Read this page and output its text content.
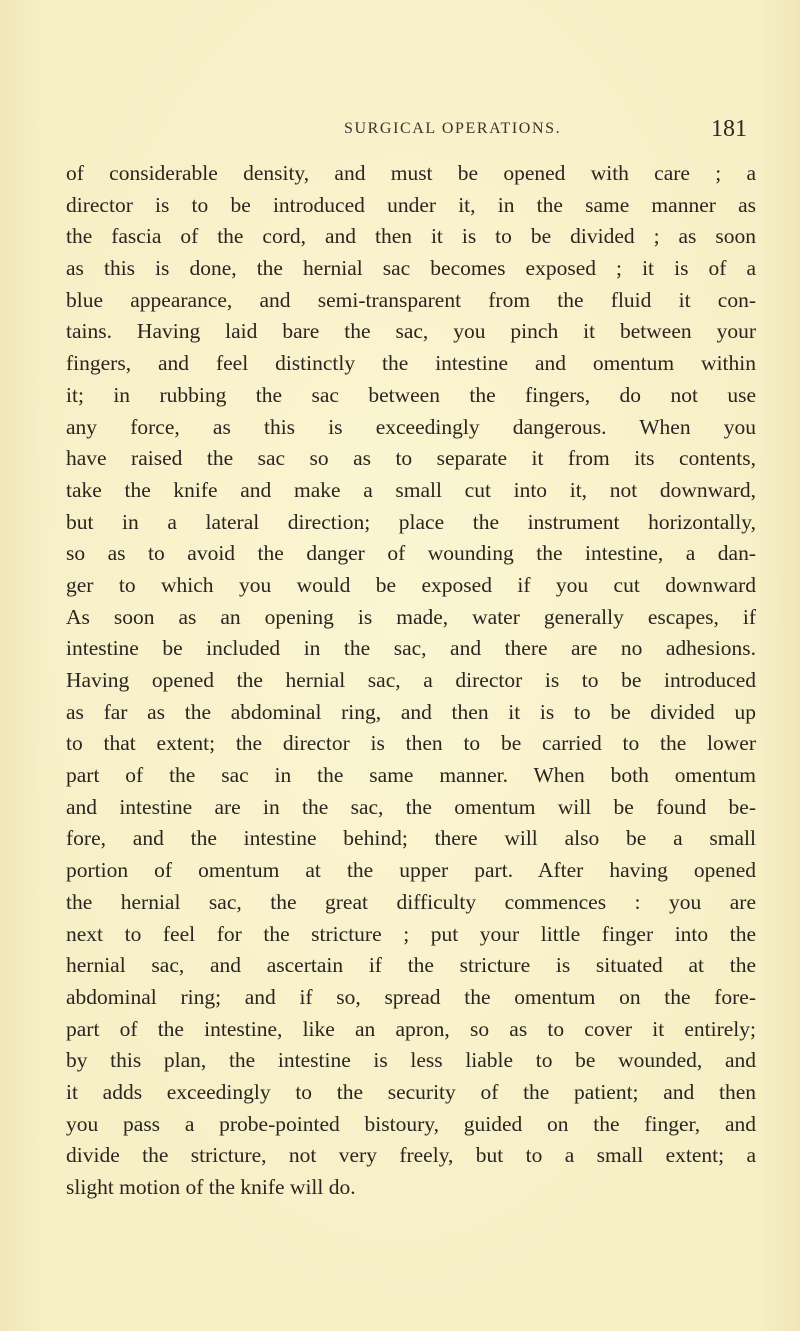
SURGICAL OPERATIONS.	181
of considerable density, and must be opened with care ; a
director is to be introduced under it, in the same manner as
the fascia of the cord, and then it is to be divided ; as soon
as this is done, the hernial sac becomes exposed ; it is of a
blue appearance, and semi-transparent from the fluid it con-
tains. Having laid bare the sac, you pinch it between your
fingers, and feel distinctly the intestine and omentum within
it; in rubbing the sac between the fingers, do not use
any force, as this is exceedingly dangerous. When you
have raised the sac so as to separate it from its contents,
take the knife and make a small cut into it, not downward,
but in a lateral direction; place the instrument horizontally,
so as to avoid the danger of wounding the intestine, a dan-
ger to which you would be exposed if you cut downward
As soon as an opening is made, water generally escapes, if
intestine be included in the sac, and there are no adhesions.
Having opened the hernial sac, a director is to be introduced
as far as the abdominal ring, and then it is to be divided up
to that extent; the director is then to be carried to the lower
part of the sac in the same manner. When both omentum
and intestine are in the sac, the omentum will be found be-
fore, and the intestine behind; there will also be a small
portion of omentum at the upper part. After having opened
the hernial sac, the great difficulty commences : you are
next to feel for the stricture ; put your little finger into the
hernial sac, and ascertain if the stricture is situated at the
abdominal ring; and if so, spread the omentum on the fore-
part of the intestine, like an apron, so as to cover it entirely;
by this plan, the intestine is less liable to be wounded, and
it adds exceedingly to the security of the patient; and then
you pass a probe-pointed bistoury, guided on the finger, and
divide the stricture, not very freely, but to a small extent; a
slight motion of the knife will do.
